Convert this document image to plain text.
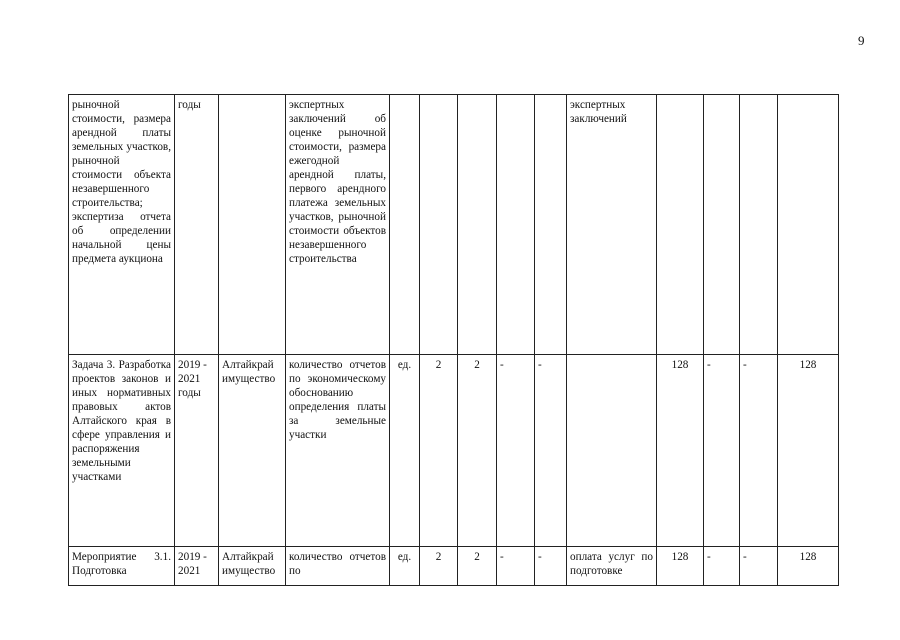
9
рыночной стоимости, размера арендной платы земельных участков, рыночной стоимости объекта незавершенного строительства; экспертиза отчета об определении начальной цены предмета аукциона	годы		экспертных заключений об оценке рыночной стоимости, размера ежегодной арендной платы, первого арендного платежа земельных участков, рыночной стоимости объектов незавершенного строительства						экспертных заключений				
Задача 3. Разработка проектов законов и иных нормативных правовых актов Алтайского края в сфере управления и распоряжения земельными участками	2019 - 2021 годы	Алтайкрай имущество	количество отчетов по экономическому обоснованию определения платы за земельные участки	ед.	2	2	-	-		128	-	-	128
Мероприятие 3.1. Подготовка	2019 - 2021	Алтайкрай имущество	количество отчетов по	ед.	2	2	-	-	оплата услуг по подготовке	128	-	-	128
